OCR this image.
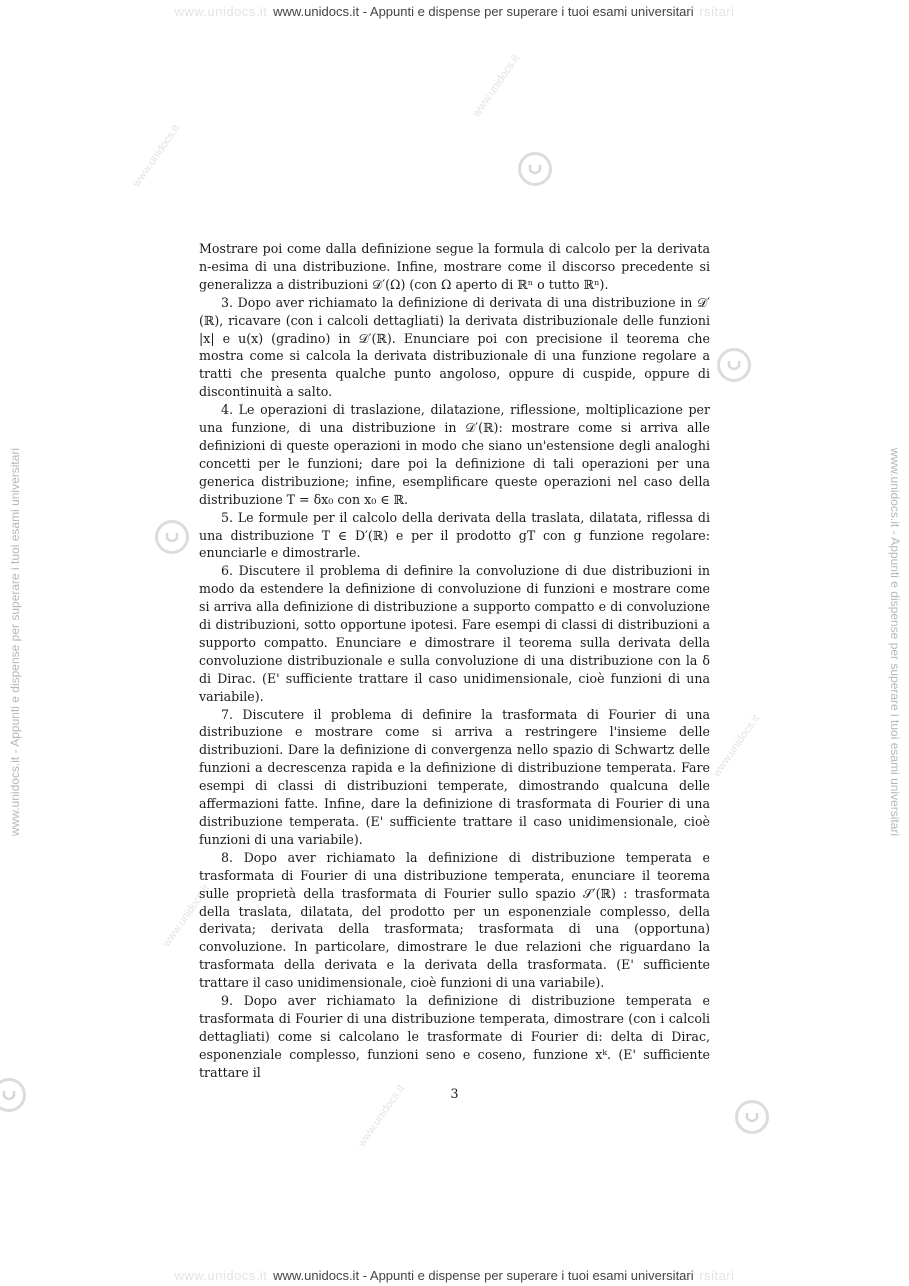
www.unidocs.it www.unidocs.it - Appunti e dispense per superare i tuoi esami universitari rsitari
www.unidocs.it www.unidocs.it - Appunti e dispense per superare i tuoi esami universitari rsitari
www.unidocs.it - Appunti e dispense per superare i tuoi esami universitari	www.unidocs.it - Appunti e dispense per superare i tuoi esami universitari
www.unidocs.it
www.unidocs.it
www.unidocs.it
www.unidocs.it
www.unidocs.it

Mostrare poi come dalla definizione segue la formula di calcolo per la derivata n-esima di una distribuzione. Infine, mostrare come il discorso precedente si generalizza a distribuzioni 𝒟′(Ω) (con Ω aperto di ℝⁿ o tutto ℝⁿ).

3. Dopo aver richiamato la definizione di derivata di una distribuzione in 𝒟′(ℝ), ricavare (con i calcoli dettagliati) la derivata distribuzionale delle funzioni |x| e u(x) (gradino) in 𝒟′(ℝ). Enunciare poi con precisione il teorema che mostra come si calcola la derivata distribuzionale di una funzione regolare a tratti che presenta qualche punto angoloso, oppure di cuspide, oppure di discontinuità a salto.

4. Le operazioni di traslazione, dilatazione, riflessione, moltiplicazione per una funzione, di una distribuzione in 𝒟′(ℝ): mostrare come si arriva alle definizioni di queste operazioni in modo che siano un'estensione degli analoghi concetti per le funzioni; dare poi la definizione di tali operazioni per una generica distribuzione; infine, esemplificare queste operazioni nel caso della distribuzione T = δx₀ con x₀ ∈ ℝ.

5. Le formule per il calcolo della derivata della traslata, dilatata, riflessa di una distribuzione T ∈ D′(ℝ) e per il prodotto gT con g funzione regolare: enunciarle e dimostrarle.

6. Discutere il problema di definire la convoluzione di due distribuzioni in modo da estendere la definizione di convoluzione di funzioni e mostrare come si arriva alla definizione di distribuzione a supporto compatto e di convoluzione di distribuzioni, sotto opportune ipotesi. Fare esempi di classi di distribuzioni a supporto compatto. Enunciare e dimostrare il teorema sulla derivata della convoluzione distribuzionale e sulla convoluzione di una distribuzione con la δ di Dirac. (E' sufficiente trattare il caso unidimensionale, cioè funzioni di una variabile).

7. Discutere il problema di definire la trasformata di Fourier di una distribuzione e mostrare come si arriva a restringere l'insieme delle distribuzioni. Dare la definizione di convergenza nello spazio di Schwartz delle funzioni a decrescenza rapida e la definizione di distribuzione temperata. Fare esempi di classi di distribuzioni temperate, dimostrando qualcuna delle affermazioni fatte. Infine, dare la definizione di trasformata di Fourier di una distribuzione temperata. (E' sufficiente trattare il caso unidimensionale, cioè funzioni di una variabile).

8. Dopo aver richiamato la definizione di distribuzione temperata e trasformata di Fourier di una distribuzione temperata, enunciare il teorema sulle proprietà della trasformata di Fourier sullo spazio 𝒮′(ℝ) : trasformata della traslata, dilatata, del prodotto per un esponenziale complesso, della derivata; derivata della trasformata; trasformata di una (opportuna) convoluzione. In particolare, dimostrare le due relazioni che riguardano la trasformata della derivata e la derivata della trasformata. (E' sufficiente trattare il caso unidimensionale, cioè funzioni di una variabile).

9. Dopo aver richiamato la definizione di distribuzione temperata e trasformata di Fourier di una distribuzione temperata, dimostrare (con i calcoli dettagliati) come si calcolano le trasformate di Fourier di: delta di Dirac, esponenziale complesso, funzioni seno e coseno, funzione xᵏ. (E' sufficiente trattare il

3
